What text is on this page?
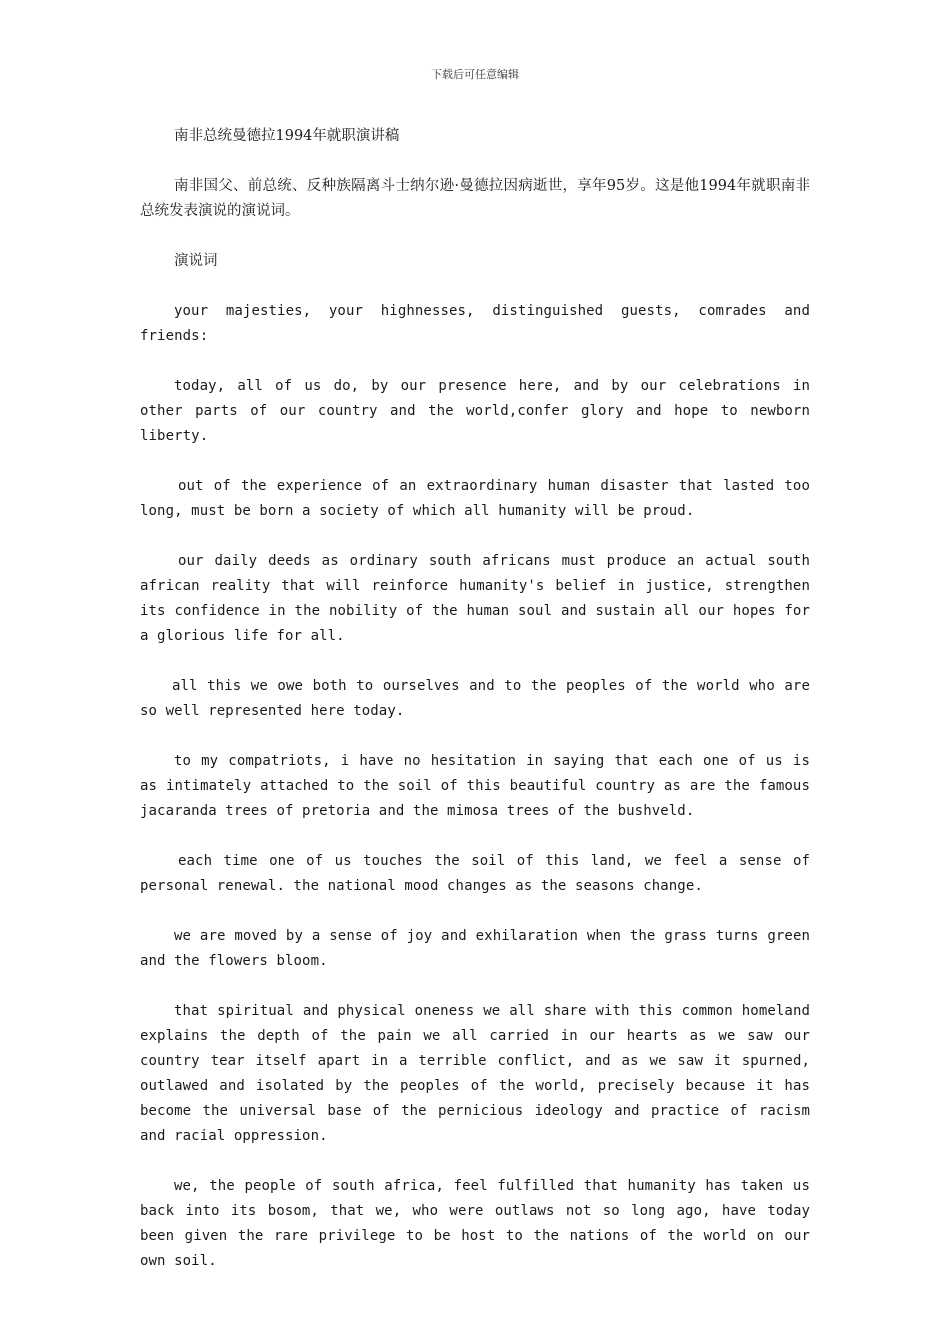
下载后可任意编辑

南非总统曼德拉1994年就职演讲稿

南非国父、前总统、反种族隔离斗士纳尔逊·曼德拉因病逝世，享年95岁。这是他1994年就职南非总统发表演说的演说词。

演说词

your majesties, your highnesses, distinguished guests, comrades and friends:

today, all of us do, by our presence here, and by our celebrations in other parts of our country and the world,confer glory and hope to newborn liberty.

out of the experience of an extraordinary human disaster that lasted too long, must be born a society of which all humanity will be proud.

our daily deeds as ordinary south africans must produce an actual south african reality that will reinforce humanity's belief in justice, strengthen its confidence in the nobility of the human soul and sustain all our hopes for a glorious life for all.

all this we owe both to ourselves and to the peoples of the world who are so well represented here today.

to my compatriots, i have no hesitation in saying that each one of us is as intimately attached to the soil of this beautiful country as are the famous jacaranda trees of pretoria and the mimosa trees of the bushveld.

each time one of us touches the soil of this land, we feel a sense of personal renewal. the national mood changes as the seasons change.

we are moved by a sense of joy and exhilaration when the grass turns green and the flowers bloom.

that spiritual and physical oneness we all share with this common homeland explains the depth of the pain we all carried in our hearts as we saw our country tear itself apart in a terrible conflict, and as we saw it spurned, outlawed and isolated by the peoples of the world, precisely because it has become the universal base of the pernicious ideology and practice of racism and racial oppression.

we, the people of south africa, feel fulfilled that humanity has taken us back into its bosom, that we, who were outlaws not so long ago, have today been given the rare privilege to be host to the nations of the world on our own soil.
